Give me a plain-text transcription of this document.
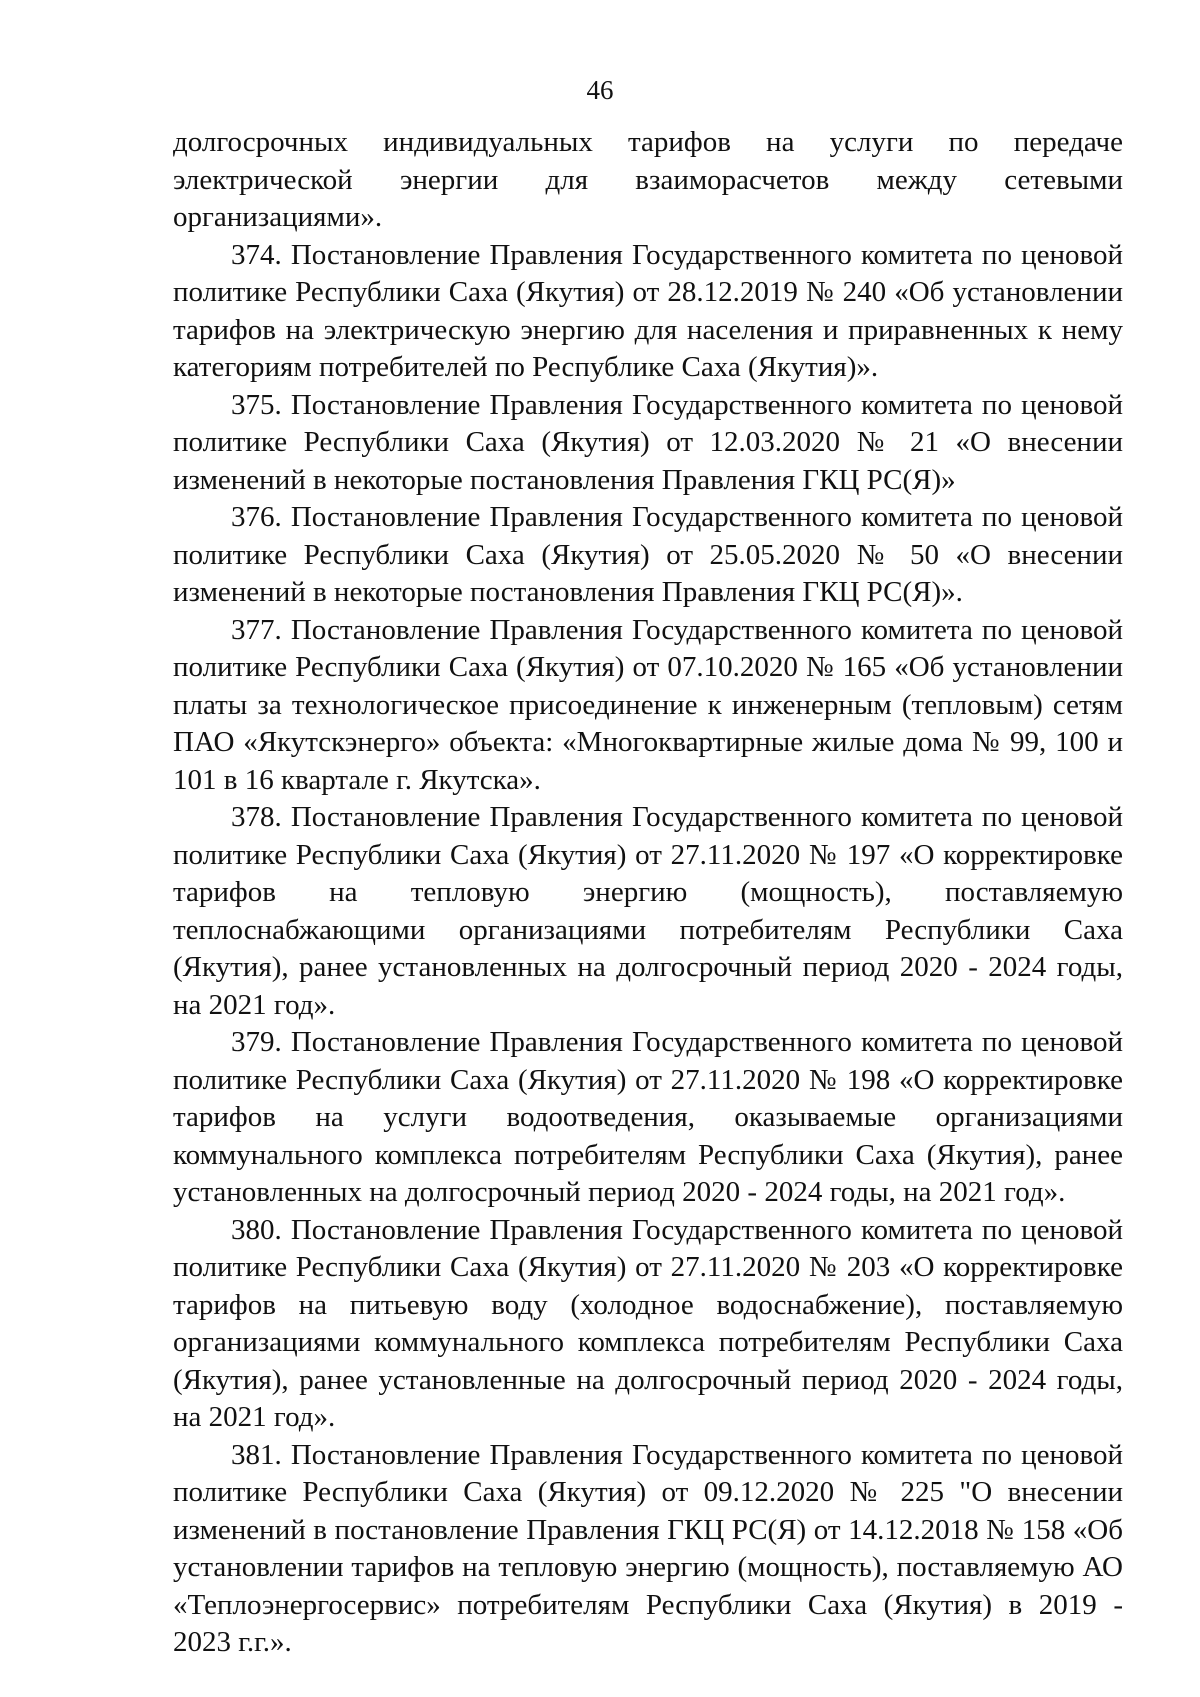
46

долгосрочных индивидуальных тарифов на услуги по передаче электрической энергии для взаиморасчетов между сетевыми организациями».

374. Постановление Правления Государственного комитета по ценовой политике Республики Саха (Якутия) от 28.12.2019 № 240 «Об установлении тарифов на электрическую энергию для населения и приравненных к нему категориям потребителей по Республике Саха (Якутия)».

375. Постановление Правления Государственного комитета по ценовой политике Республики Саха (Якутия) от 12.03.2020 № 21 «О внесении изменений в некоторые постановления Правления ГКЦ РС(Я)»

376. Постановление Правления Государственного комитета по ценовой политике Республики Саха (Якутия) от 25.05.2020 № 50 «О внесении изменений в некоторые постановления Правления ГКЦ РС(Я)».

377. Постановление Правления Государственного комитета по ценовой политике Республики Саха (Якутия) от 07.10.2020 № 165 «Об установлении платы за технологическое присоединение к инженерным (тепловым) сетям ПАО «Якутскэнерго» объекта: «Многоквартирные жилые дома № 99, 100 и 101 в 16 квартале г. Якутска».

378. Постановление Правления Государственного комитета по ценовой политике Республики Саха (Якутия) от 27.11.2020 № 197 «О корректировке тарифов на тепловую энергию (мощность), поставляемую теплоснабжающими организациями потребителям Республики Саха (Якутия), ранее установленных на долгосрочный период 2020 - 2024 годы, на 2021 год».

379. Постановление Правления Государственного комитета по ценовой политике Республики Саха (Якутия) от 27.11.2020 № 198 «О корректировке тарифов на услуги водоотведения, оказываемые организациями коммунального комплекса потребителям Республики Саха (Якутия), ранее установленных на долгосрочный период 2020 - 2024 годы, на 2021 год».

380. Постановление Правления Государственного комитета по ценовой политике Республики Саха (Якутия) от 27.11.2020 № 203 «О корректировке тарифов на питьевую воду (холодное водоснабжение), поставляемую организациями коммунального комплекса потребителям Республики Саха (Якутия), ранее установленные на долгосрочный период 2020 - 2024 годы, на 2021 год».

381. Постановление Правления Государственного комитета по ценовой политике Республики Саха (Якутия) от 09.12.2020 № 225 "О внесении изменений в постановление Правления ГКЦ РС(Я) от 14.12.2018 № 158 «Об установлении тарифов на тепловую энергию (мощность), поставляемую АО «Теплоэнергосервис» потребителям Республики Саха (Якутия) в 2019 - 2023 г.г.».
